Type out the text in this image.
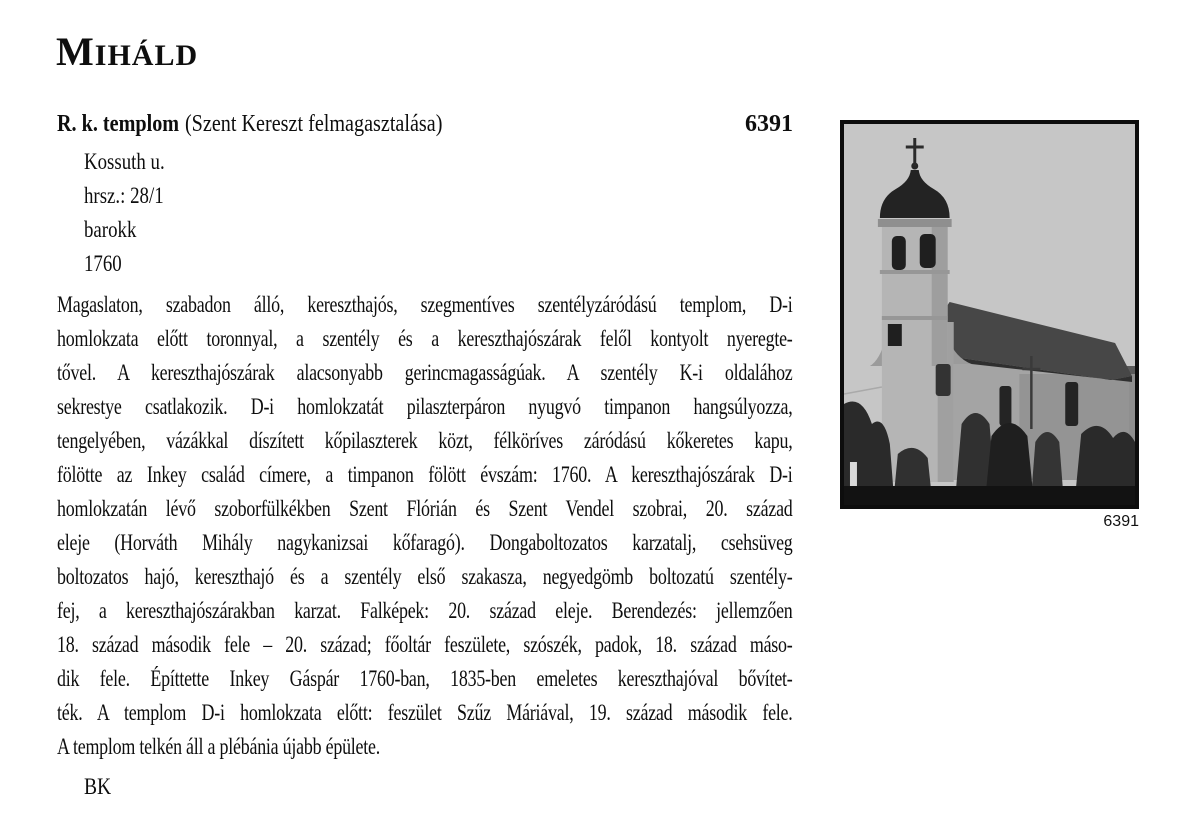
MIHÁLD
R. k. templom (Szent Kereszt felmagasztalása)	6391
Kossuth u.
hrsz.: 28/1
barokk
1760
Magaslaton, szabadon álló, kereszthajós, szegmentíves szentélyzáródású templom, D-i
homlokzata előtt toronnyal, a szentély és a kereszthajószárak felől kontyolt nyeregte-
tővel. A kereszthajószárak alacsonyabb gerincmagasságúak. A szentély K-i oldalához
sekrestye csatlakozik. D-i homlokzatát pilaszterpáron nyugvó timpanon hangsúlyozza,
tengelyében, vázákkal díszített kőpilaszterek közt, félköríves záródású kőkeretes kapu,
fölötte az Inkey család címere, a timpanon fölött évszám: 1760. A kereszthajószárak D-i
homlokzatán lévő szoborfülkékben Szent Flórián és Szent Vendel szobrai, 20. század
eleje (Horváth Mihály nagykanizsai kőfaragó). Dongaboltozatos karzatalj, csehsüveg
boltozatos hajó, kereszthajó és a szentély első szakasza, negyedgömb boltozatú szentély-
fej, a kereszthajószárakban karzat. Falképek: 20. század eleje. Berendezés: jellemzően
18. század második fele – 20. század; főoltár feszülete, szószék, padok, 18. század máso-
dik fele. Építtette Inkey Gáspár 1760-ban, 1835-ben emeletes kereszthajóval bővítet-
ték. A templom D-i homlokzata előtt: feszület Szűz Máriával, 19. század második fele.
A templom telkén áll a plébánia újabb épülete.
BK
6391
